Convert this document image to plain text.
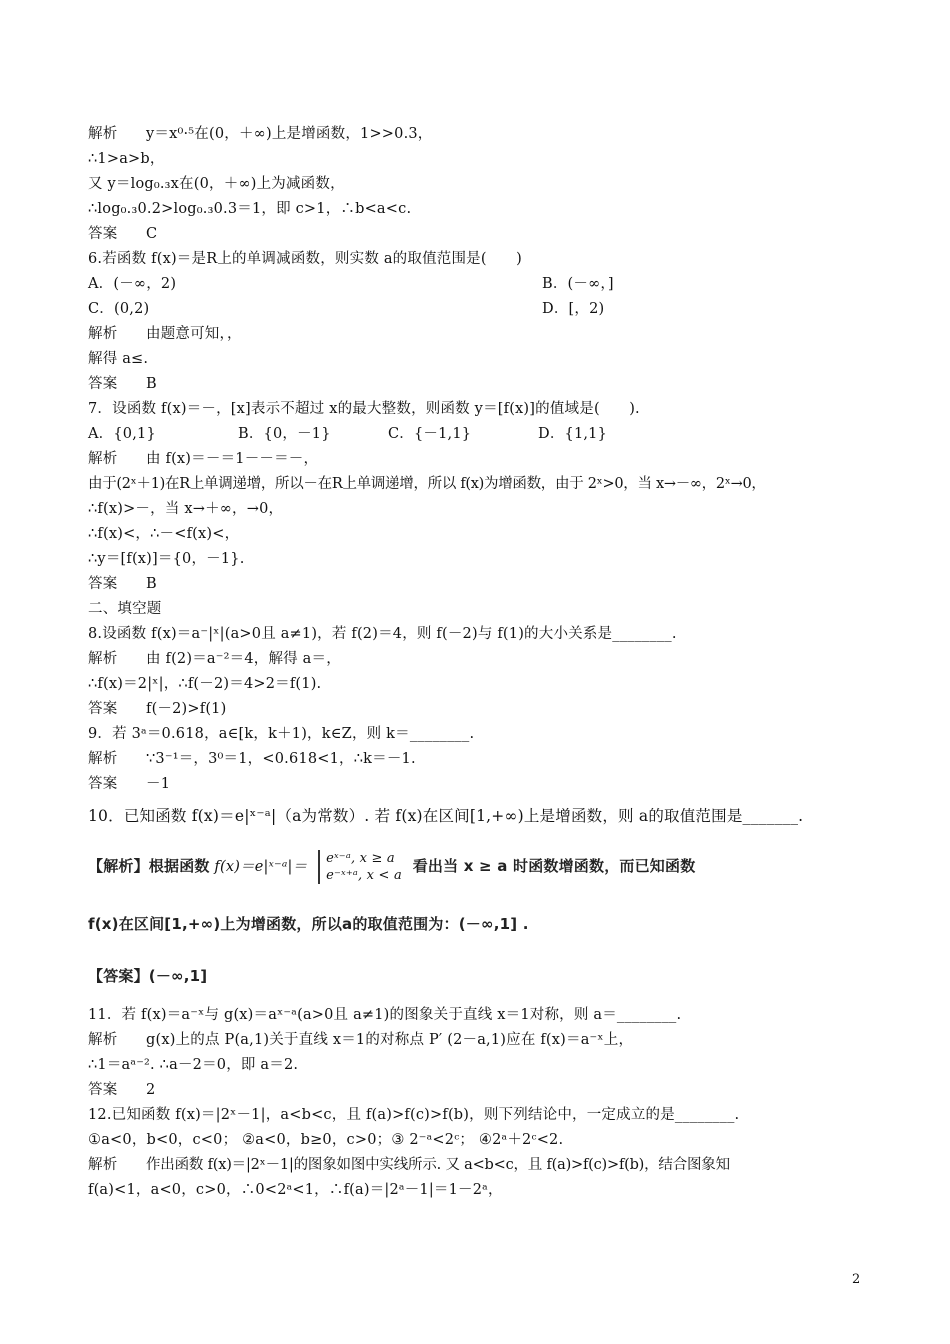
解析 y＝x⁰·⁵在(0，＋∞)上是增函数，1>>0.3，
∴1>a>b，
又 y＝log₀.₃x在(0，＋∞)上为减函数，
∴log₀.₃0.2>log₀.₃0.3＝1，即 c>1，∴b<a<c.
答案 C
6.若函数 f(x)＝是R上的单调减函数，则实数 a的取值范围是(　　)
A．(－∞，2)	B．(－∞，]
C．(0,2)	D．[，2)
解析 由题意可知，，
解得 a≤.
答案 B
7．设函数 f(x)＝－，[x]表示不超过 x的最大整数，则函数 y＝[f(x)]的值域是(　　).
A．{0,1}	B．{0，－1}	C．{－1,1}	D．{1,1}
解析 由 f(x)＝－＝1－－＝－，
由于(2ˣ＋1)在R上单调递增，所以－在R上单调递增，所以 f(x)为增函数，由于 2ˣ>0，当 x→－∞，2ˣ→0，
∴f(x)>－，当 x→＋∞，→0，
∴f(x)<，∴－<f(x)<，
∴y＝[f(x)]＝{0，－1}.
答案 B
二、填空题
8.设函数 f(x)＝a⁻|ˣ|(a>0且 a≠1)，若 f(2)＝4，则 f(－2)与 f(1)的大小关系是________.
解析 由 f(2)＝a⁻²＝4，解得 a＝，
∴f(x)＝2|ˣ|，∴f(－2)＝4>2＝f(1).
答案 f(－2)>f(1)
9．若 3ᵃ＝0.618，a∈[k，k＋1)，k∈Z，则 k＝________.
解析 ∵3⁻¹＝，3⁰＝1，<0.618<1，∴k＝－1.
答案 －1
10．已知函数 f(x)＝e|ˣ⁻ᵃ|（a为常数）. 若 f(x)在区间[1,+∞)上是增函数，则 a的取值范围是_______.
【解析】根据函数 f(x)＝e|ˣ⁻ᵃ|＝ eˣ⁻ᵃ, x ≥ a
e⁻ˣ⁺ᵃ, x < a 看出当 x ≥ a 时函数增函数，而已知函数
f(x)在区间[1,+∞)上为增函数，所以a的取值范围为：(－∞,1] .
【答案】(－∞,1]
11．若 f(x)＝a⁻ˣ与 g(x)＝aˣ⁻ᵃ(a>0且 a≠1)的图象关于直线 x＝1对称，则 a＝________.
解析 g(x)上的点 P(a,1)关于直线 x＝1的对称点 P′ (2－a,1)应在 f(x)＝a⁻ˣ上，
∴1＝aᵃ⁻². ∴a－2＝0，即 a＝2.
答案 2
12.已知函数 f(x)＝|2ˣ－1|，a<b<c，且 f(a)>f(c)>f(b)，则下列结论中，一定成立的是________.
①a<0，b<0，c<0； ②a<0，b≥0，c>0；③ 2⁻ᵃ<2ᶜ； ④2ᵃ＋2ᶜ<2.
解析 作出函数 f(x)＝|2ˣ－1|的图象如图中实线所示. 又 a<b<c，且 f(a)>f(c)>f(b)，结合图象知
f(a)<1，a<0，c>0，∴0<2ᵃ<1，∴f(a)＝|2ᵃ－1|＝1－2ᵃ，
2
